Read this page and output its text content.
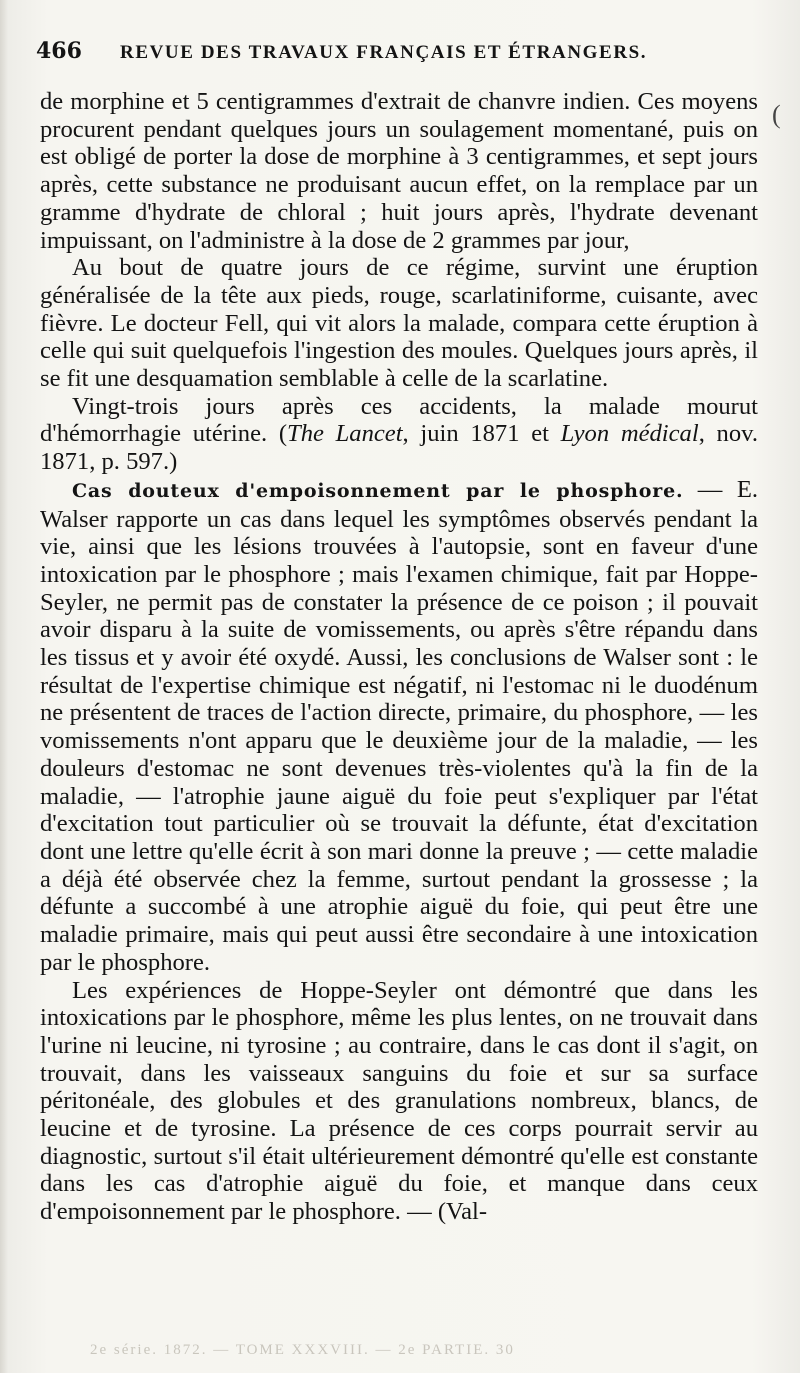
466 REVUE DES TRAVAUX FRANÇAIS ET ÉTRANGERS.
(

de morphine et 5 centigrammes d'extrait de chanvre indien. Ces moyens procurent pendant quelques jours un soulagement momentané, puis on est obligé de porter la dose de morphine à 3 centigrammes, et sept jours après, cette substance ne produisant aucun effet, on la remplace par un gramme d'hydrate de chloral ; huit jours après, l'hydrate devenant impuissant, on l'administre à la dose de 2 grammes par jour,

Au bout de quatre jours de ce régime, survint une éruption généralisée de la tête aux pieds, rouge, scarlatiniforme, cuisante, avec fièvre. Le docteur Fell, qui vit alors la malade, compara cette éruption à celle qui suit quelquefois l'ingestion des moules. Quelques jours après, il se fit une desquamation semblable à celle de la scarlatine.

Vingt-trois jours après ces accidents, la malade mourut d'hémorrhagie utérine. (The Lancet, juin 1871 et Lyon médical, nov. 1871, p. 597.)

Cas douteux d'empoisonnement par le phosphore. — E. Walser rapporte un cas dans lequel les symptômes observés pendant la vie, ainsi que les lésions trouvées à l'autopsie, sont en faveur d'une intoxication par le phosphore ; mais l'examen chimique, fait par Hoppe-Seyler, ne permit pas de constater la présence de ce poison ; il pouvait avoir disparu à la suite de vomissements, ou après s'être répandu dans les tissus et y avoir été oxydé. Aussi, les conclusions de Walser sont : le résultat de l'expertise chimique est négatif, ni l'estomac ni le duodénum ne présentent de traces de l'action directe, primaire, du phosphore, — les vomissements n'ont apparu que le deuxième jour de la maladie, — les douleurs d'estomac ne sont devenues très-violentes qu'à la fin de la maladie, — l'atrophie jaune aiguë du foie peut s'expliquer par l'état d'excitation tout particulier où se trouvait la défunte, état d'excitation dont une lettre qu'elle écrit à son mari donne la preuve ; — cette maladie a déjà été observée chez la femme, surtout pendant la grossesse ; la défunte a succombé à une atrophie aiguë du foie, qui peut être une maladie primaire, mais qui peut aussi être secondaire à une intoxication par le phosphore.

Les expériences de Hoppe-Seyler ont démontré que dans les intoxications par le phosphore, même les plus lentes, on ne trouvait dans l'urine ni leucine, ni tyrosine ; au contraire, dans le cas dont il s'agit, on trouvait, dans les vaisseaux sanguins du foie et sur sa surface péritonéale, des globules et des granulations nombreux, blancs, de leucine et de tyrosine. La présence de ces corps pourrait servir au diagnostic, surtout s'il était ultérieurement démontré qu'elle est constante dans les cas d'atrophie aiguë du foie, et manque dans ceux d'empoisonnement par le phosphore. — (Val-

2e série. 1872. — TOME XXXVIII. — 2e PARTIE. 30
